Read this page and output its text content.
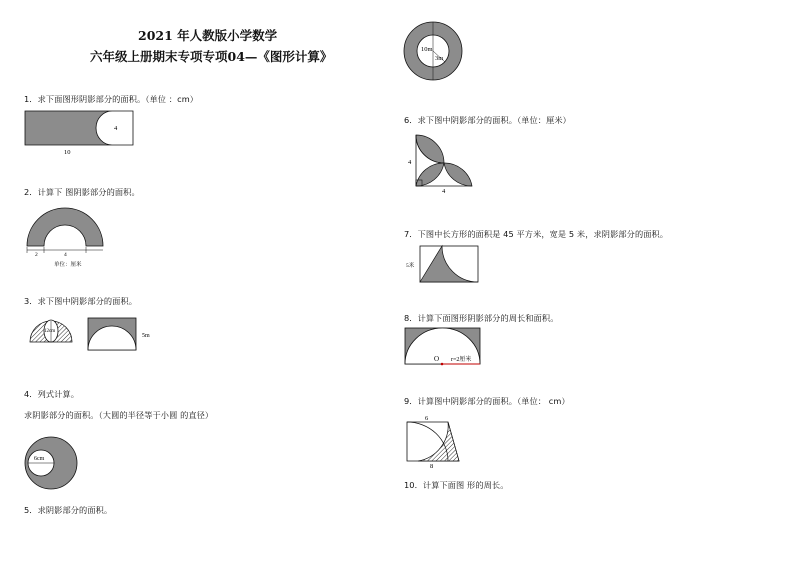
2021 年人教版小学数学
六年级上册期末专项专项04—《图形计算》
1．求下面图形阴影部分的面积。（单位 ：cm）
4
10
2．计算下 图阴影部分的面积。
2	4
单位：厘米
3．求下图中阴影部分的面积。
12cm
5m
4．列式计算。
求阴影部分的面积。（大圆的半径等于小圆 的直径）
6cm
5．求阴影部分的面积。
10m
3m
6．求下图中阴影部分的面积。（单位：厘米）
4
4
7．下图中长方形的面积是 45 平方米，宽是 5 米，求阴影部分的面积。
5米
8．计算下面图形阴影部分的周长和面积。
O r=2厘米
9．计算图中阴影部分的面积。（单位： cm）
6
8
10．计算下面图 形的周长。
